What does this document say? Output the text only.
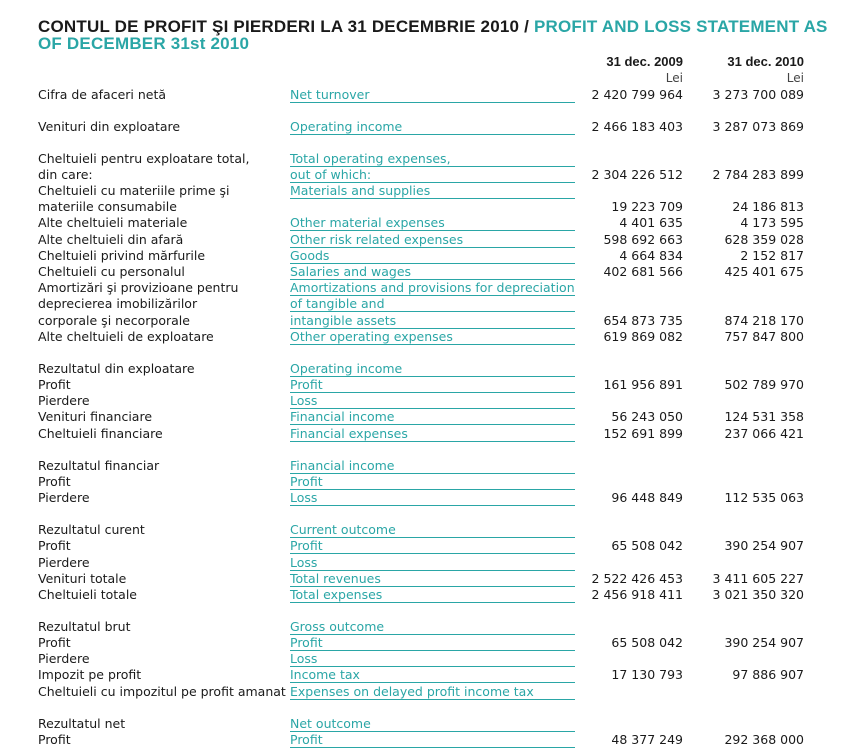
CONTUL DE PROFIT ŞI PIERDERI LA 31 DECEMBRIE 2010 / PROFIT AND LOSS STATEMENT AS OF DECEMBER 31st 2010
31 dec. 2009	31 dec. 2010
Lei	Lei
Cifra de afaceri netă	Net turnover	2 420 799 964	3 273 700 089
Venituri din exploatare	Operating income	2 466 183 403	3 287 073 869
Cheltuieli pentru exploatare total,	Total operating expenses,
din care:	out of which:	2 304 226 512	2 784 283 899
Cheltuieli cu materiile prime şi	Materials and supplies
materiile consumabile	19 223 709	24 186 813
Alte cheltuieli materiale	Other material expenses	4 401 635	4 173 595
Alte cheltuieli din afară	Other risk related expenses	598 692 663	628 359 028
Cheltuieli privind mărfurile	Goods	4 664 834	2 152 817
Cheltuieli cu personalul	Salaries and wages	402 681 566	425 401 675
Amortizări şi provizioane pentru	Amortizations and provisions for depreciation
deprecierea imobilizărilor	of tangible and
corporale şi necorporale	intangible assets	654 873 735	874 218 170
Alte cheltuieli de exploatare	Other operating expenses	619 869 082	757 847 800
Rezultatul din exploatare	Operating income
Profit	Profit	161 956 891	502 789 970
Pierdere	Loss
Venituri financiare	Financial income	56 243 050	124 531 358
Cheltuieli financiare	Financial expenses	152 691 899	237 066 421
Rezultatul financiar	Financial income
Profit	Profit
Pierdere	Loss	96 448 849	112 535 063
Rezultatul curent	Current outcome
Profit	Profit	65 508 042	390 254 907
Pierdere	Loss
Venituri totale	Total revenues	2 522 426 453	3 411 605 227
Cheltuieli totale	Total expenses	2 456 918 411	3 021 350 320
Rezultatul brut	Gross outcome
Profit	Profit	65 508 042	390 254 907
Pierdere	Loss
Impozit pe profit	Income tax	17 130 793	97 886 907
Cheltuieli cu impozitul pe profit amanat Expenses on delayed profit income tax
Rezultatul net	Net outcome
Profit	Profit	48 377 249	292 368 000
